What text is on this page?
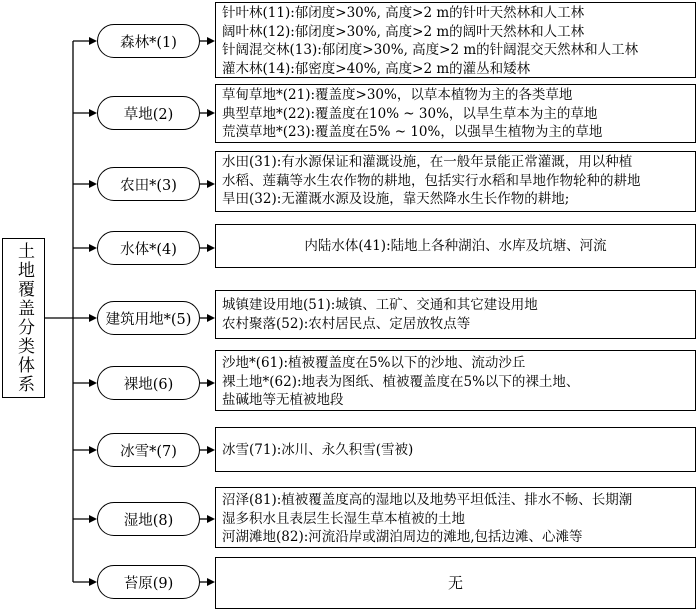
土地覆盖分类体系
森林*(1)
草地(2)
农田*(3)
水体*(4)
建筑用地*(5)
裸地(6)
冰雪*(7)
湿地(8)
苔原(9)
针叶林(11):郁闭度>30%, 高度>2 m的针叶天然林和人工林
阔叶林(12):郁闭度>30%, 高度>2 m的阔叶天然林和人工林
针阔混交林(13):郁闭度>30%, 高度>2 m的针阔混交天然林和人工林
灌木林(14):郁密度>40%, 高度>2 m的灌丛和矮林
草甸草地*(21):覆盖度>30%，以草本植物为主的各类草地
典型草地*(22):覆盖度在10% ~ 30%，以旱生草本为主的草地
荒漠草地*(23):覆盖度在5% ~ 10%，以强旱生植物为主的草地
水田(31):有水源保证和灌溉设施，在一般年景能正常灌溉，用以种植
水稻、莲藕等水生农作物的耕地，包括实行水稻和旱地作物轮种的耕地
旱田(32):无灌溉水源及设施，靠天然降水生长作物的耕地;
内陆水体(41):陆地上各种湖泊、水库及坑塘、河流
城镇建设用地(51):城镇、工矿、交通和其它建设用地
农村聚落(52):农村居民点、定居放牧点等
沙地*(61):植被覆盖度在5%以下的沙地、流动沙丘
裸土地*(62):地表为图纸、植被覆盖度在5%以下的裸土地、
盐碱地等无植被地段
冰雪(71):冰川、永久积雪(雪被)
沼泽(81):植被覆盖度高的湿地以及地势平坦低洼、排水不畅、长期潮
湿多积水且表层生长湿生草本植被的土地
河湖滩地(82):河流沿岸或湖泊周边的滩地,包括边滩、心滩等
无
